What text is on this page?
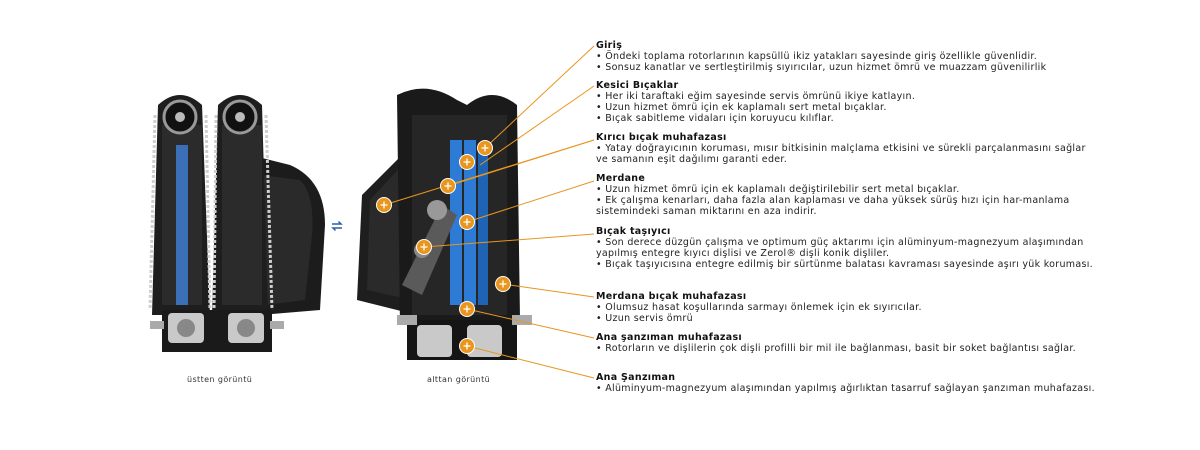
üstten görüntü	alttan görüntü
Giriş
• Öndeki toplama rotorlarının kapsüllü ikiz yatakları sayesinde giriş özellikle güvenlidir.
• Sonsuz kanatlar ve sertleştirilmiş sıyırıcılar, uzun hizmet ömrü ve muazzam güvenilirlik
Kesici Bıçaklar
• Her iki taraftaki eğim sayesinde servis ömrünü ikiye katlayın.
• Uzun hizmet ömrü için ek kaplamalı sert metal bıçaklar.
• Bıçak sabitleme vidaları için koruyucu kılıflar.
Kırıcı bıçak muhafazası
• Yatay doğrayıcının koruması, mısır bitkisinin malçlama etkisini ve sürekli parçalanmasını sağlar ve samanın eşit dağılımı garanti eder.
Merdane
• Uzun hizmet ömrü için ek kaplamalı değiştirilebilir sert metal bıçaklar.
• Ek çalışma kenarları, daha fazla alan kaplaması ve daha yüksek sürüş hızı için har-manlama sistemindeki saman miktarını en aza indirir.
Bıçak taşıyıcı
• Son derece düzgün çalışma ve optimum güç aktarımı için alüminyum-magnezyum alaşımından yapılmış entegre kıyıcı dişlisi ve Zerol® dişli konik dişliler.
• Bıçak taşıyıcısına entegre edilmiş bir sürtünme balatası kavraması sayesinde aşırı yük koruması.
Merdana bıçak muhafazası
• Olumsuz hasat koşullarında sarmayı önlemek için ek sıyırıcılar.
• Uzun servis ömrü
Ana şanzıman muhafazası
• Rotorların ve dişlilerin çok dişli profilli bir mil ile bağlanması, basit bir soket bağlantısı sağlar.
Ana Şanzıman
• Alüminyum-magnezyum alaşımından yapılmış ağırlıktan tasarruf sağlayan şanzıman muhafazası.
